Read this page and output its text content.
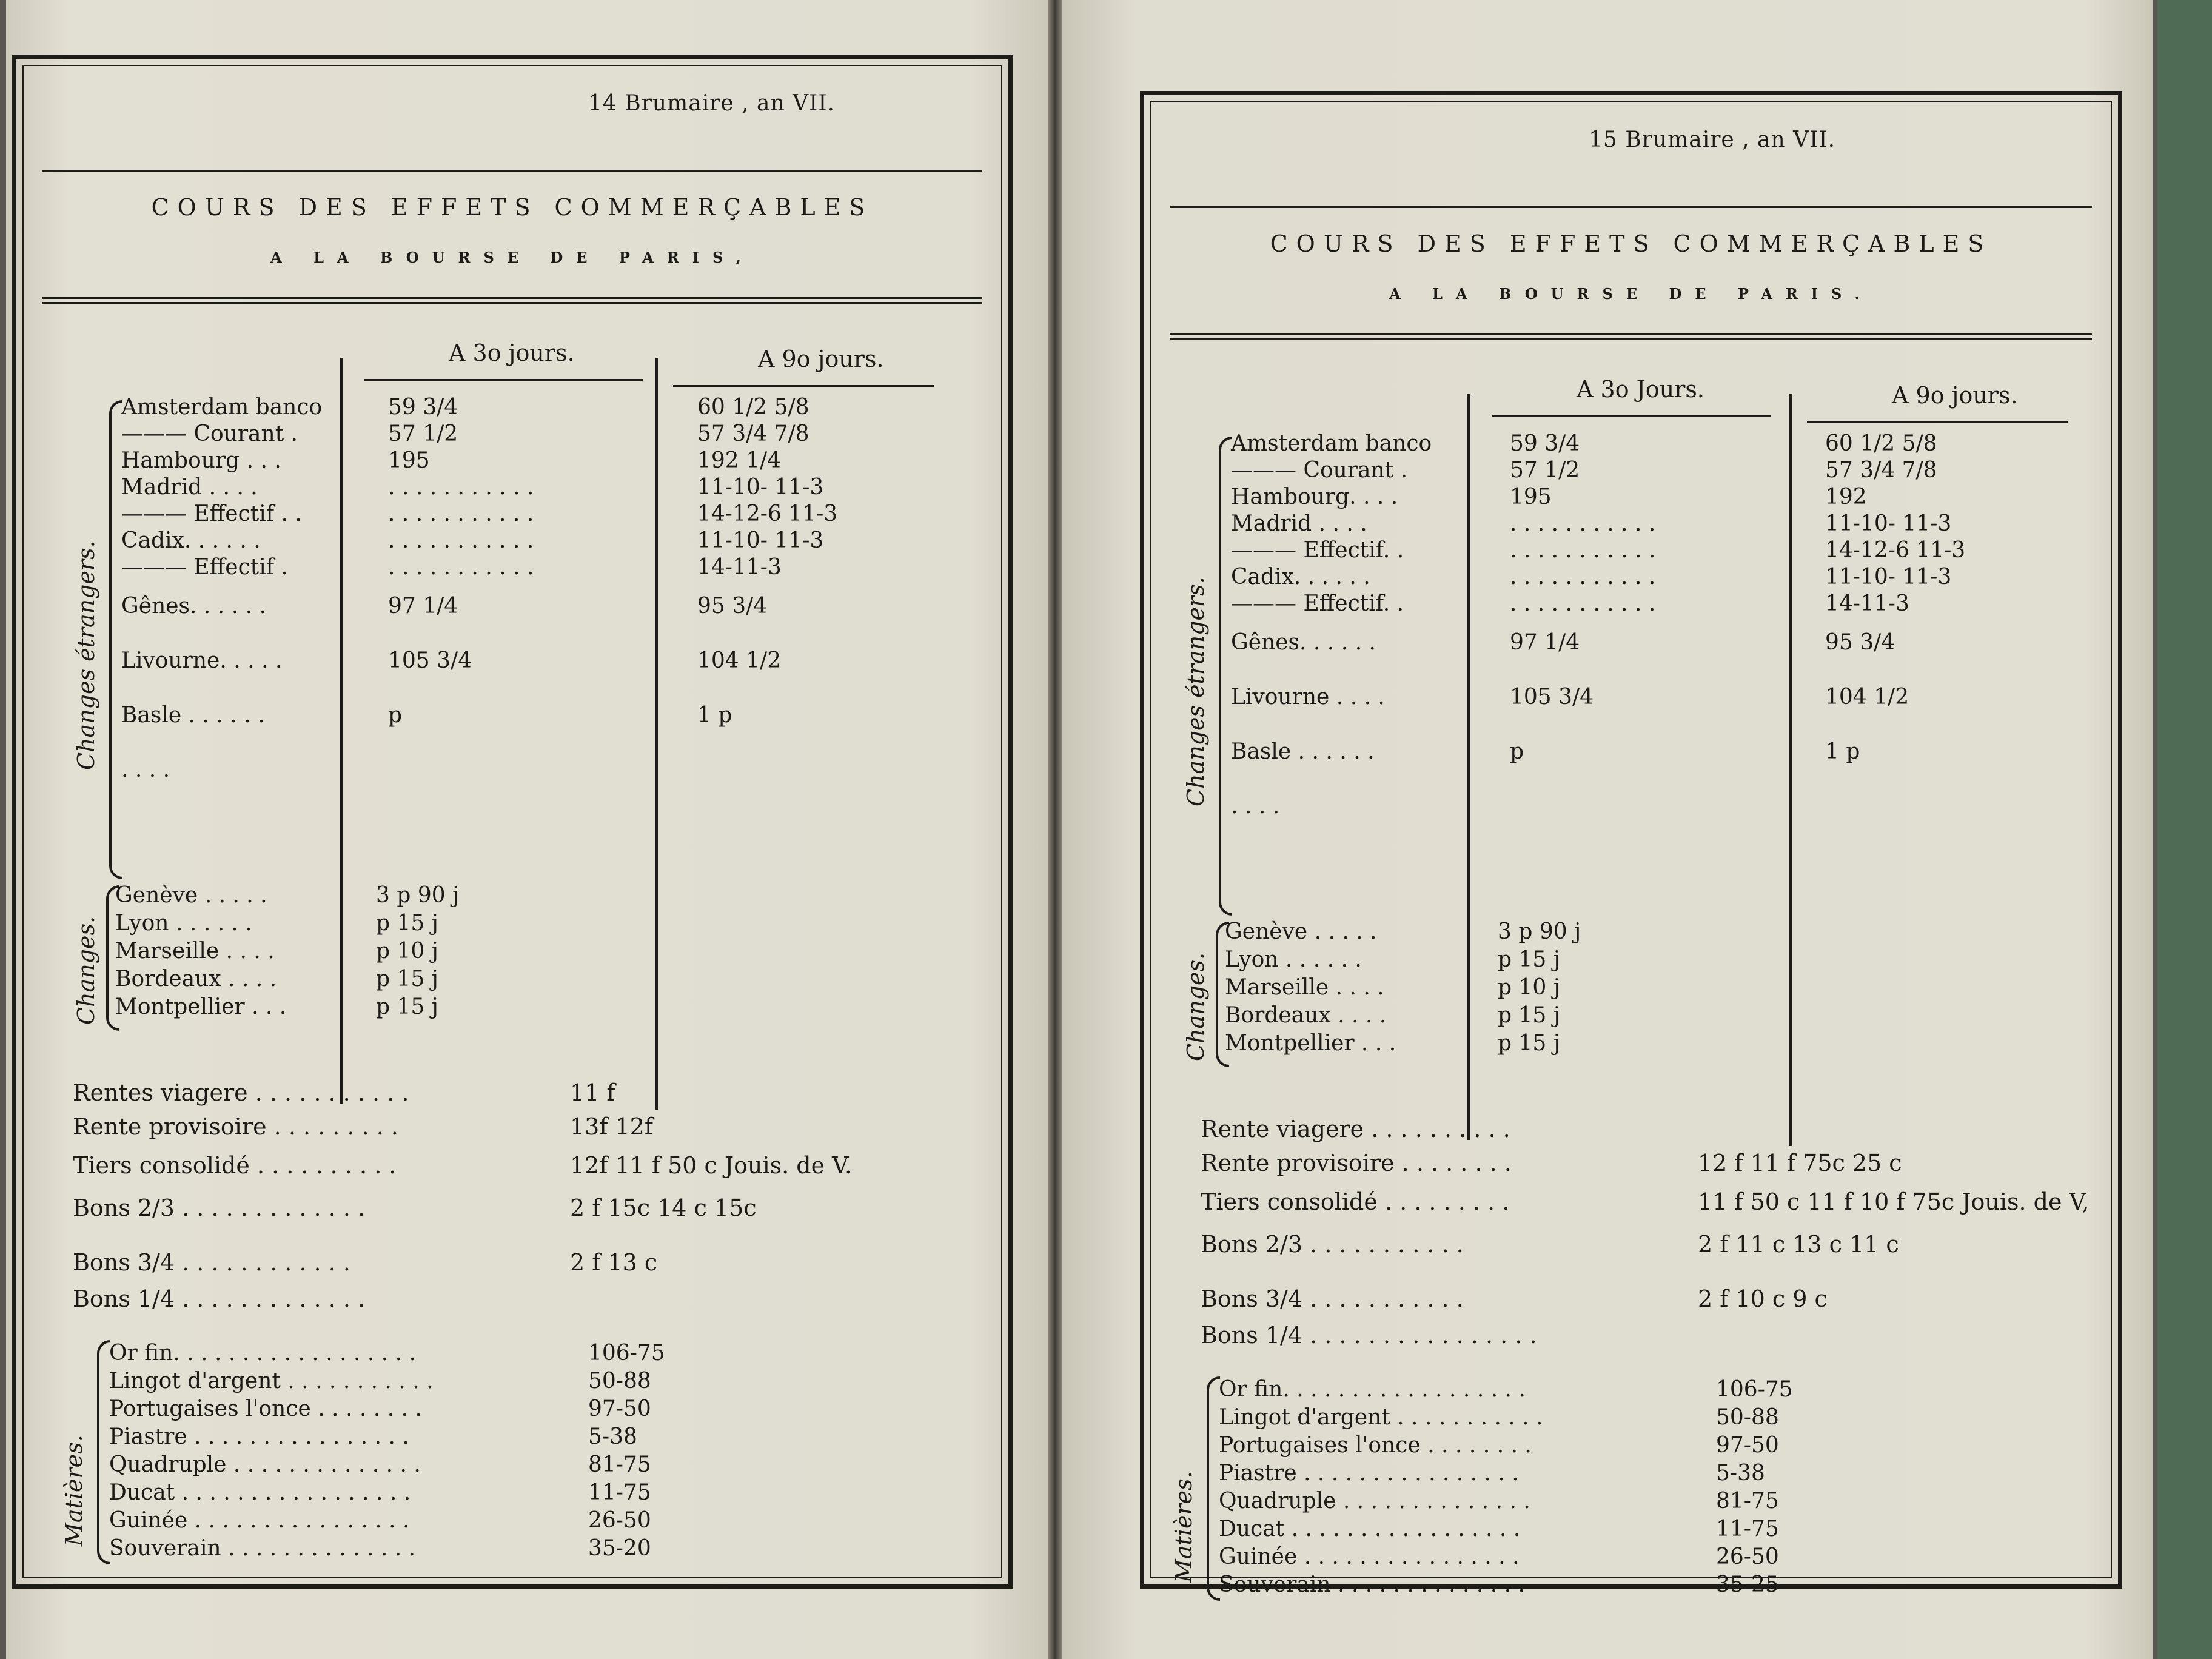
14 Brumaire , an VII.
COURS DES EFFETS COMMERÇABLES
A LA BOURSE DE PARIS,
A 3o jours.	A 9o jours.
Amsterdam banco	59 3/4	60 1/2 5/8
——— Courant .	57 1/2	57 3/4 7/8
Hambourg . . .	195	192 1/4
Madrid . . . .	. . . . . . . . . . .	11-10- 11-3
——— Effectif . .	. . . . . . . . . . .	14-12-6 11-3
Cadix. . . . . .	. . . . . . . . . . .	11-10- 11-3
——— Effectif .	. . . . . . . . . . .	14-11-3
Gênes. . . . . .	97 1/4	95 3/4
Livourne. . . . .	105 3/4	104 1/2
Basle . . . . . .	p	1 p
. . . .
Changes étrangers.
Genève . . . . .	3 p 90 j
Lyon . . . . . .	p 15 j
Marseille . . . .	p 10 j
Bordeaux . . . .	p 15 j
Montpellier . . .	p 15 j
Changes.
Rentes viagere . . . . . . . . . . .	11 f
Rente provisoire . . . . . . . . .	13f 12f
Tiers consolidé . . . . . . . . . .	12f 11 f 50 c Jouis. de V.
Bons 2/3 . . . . . . . . . . . . .	2 f 15c 14 c 15c
Bons 3/4 . . . . . . . . . . . .	2 f 13 c
Bons 1/4 . . . . . . . . . . . . .
Or fin. . . . . . . . . . . . . . . . . .	106-75
Lingot d'argent . . . . . . . . . . .	50-88
Portugaises l'once . . . . . . . .	97-50
Piastre . . . . . . . . . . . . . . . .	5-38
Quadruple . . . . . . . . . . . . . .	81-75
Ducat . . . . . . . . . . . . . . . . .	11-75
Guinée . . . . . . . . . . . . . . . .	26-50
Souverain . . . . . . . . . . . . . .	35-20
Matières.
15 Brumaire , an VII.
COURS DES EFFETS COMMERÇABLES
A LA BOURSE DE PARIS.
A 3o Jours.	A 9o jours.
Amsterdam banco	59 3/4	60 1/2 5/8
——— Courant .	57 1/2	57 3/4 7/8
Hambourg. . . .	195	192
Madrid . . . .	. . . . . . . . . . .	11-10- 11-3
——— Effectif. .	. . . . . . . . . . .	14-12-6 11-3
Cadix. . . . . .	. . . . . . . . . . .	11-10- 11-3
——— Effectif. .	. . . . . . . . . . .	14-11-3
Gênes. . . . . .	97 1/4	95 3/4
Livourne . . . .	105 3/4	104 1/2
Basle . . . . . .	p	1 p
. . . .
Changes étrangers.
Genève . . . . .	3 p 90 j
Lyon . . . . . .	p 15 j
Marseille . . . .	p 10 j
Bordeaux . . . .	p 15 j
Montpellier . . .	p 15 j
Changes.
Rente viagere . . . . . . . . . .
Rente provisoire . . . . . . . .	12 f 11 f 75c 25 c
Tiers consolidé . . . . . . . . .	11 f 50 c 11 f 10 f 75c Jouis. de V,
Bons 2/3 . . . . . . . . . . .	2 f 11 c 13 c 11 c
Bons 3/4 . . . . . . . . . . .	2 f 10 c 9 c
Bons 1/4 . . . . . . . . . . . . . . . .
Or fin. . . . . . . . . . . . . . . . . .	106-75
Lingot d'argent . . . . . . . . . . .	50-88
Portugaises l'once . . . . . . . .	97-50
Piastre . . . . . . . . . . . . . . . .	5-38
Quadruple . . . . . . . . . . . . . .	81-75
Ducat . . . . . . . . . . . . . . . . .	11-75
Guinée . . . . . . . . . . . . . . . .	26-50
Souverain . . . . . . . . . . . . . .	35-25
Matières.
